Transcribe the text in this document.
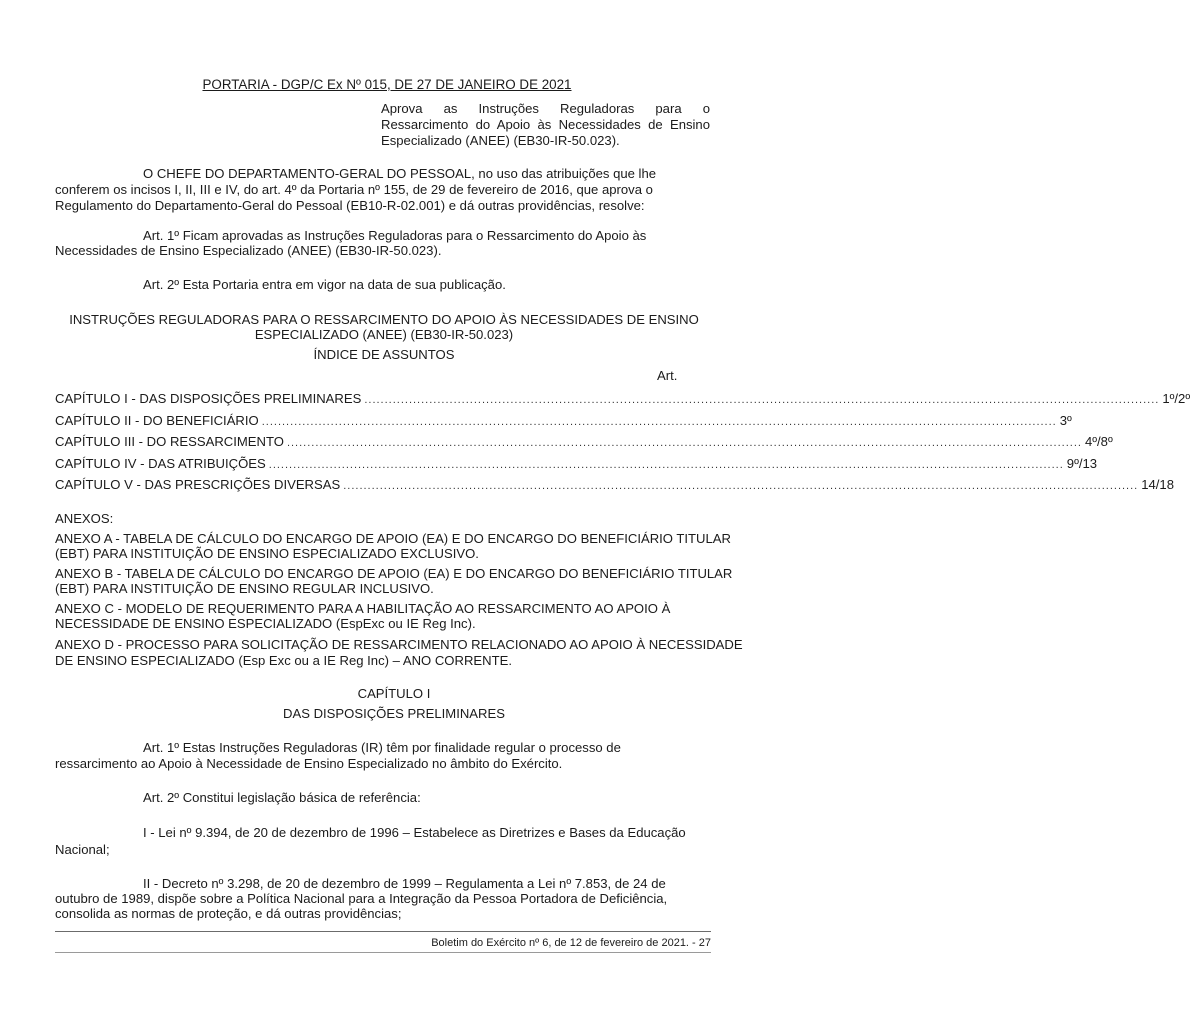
PORTARIA - DGP/C Ex Nº 015, DE 27 DE JANEIRO DE 2021
Aprova as Instruções Reguladoras para o Ressarcimento do Apoio às Necessidades de Ensino Especializado (ANEE) (EB30-IR-50.023).
O CHEFE DO DEPARTAMENTO-GERAL DO PESSOAL, no uso das atribuições que lhe
conferem os incisos I, II, III e IV, do art. 4º da Portaria nº 155, de 29 de fevereiro de 2016, que aprova o
Regulamento do Departamento-Geral do Pessoal (EB10-R-02.001) e dá outras providências, resolve:
Art. 1º Ficam aprovadas as Instruções Reguladoras para o Ressarcimento do Apoio às
Necessidades de Ensino Especializado (ANEE) (EB30-IR-50.023).
Art. 2º Esta Portaria entra em vigor na data de sua publicação.
INSTRUÇÕES REGULADORAS PARA O RESSARCIMENTO DO APOIO ÀS NECESSIDADES DE ENSINO
ESPECIALIZADO (ANEE) (EB30-IR-50.023)
ÍNDICE DE ASSUNTOS
Art.
CAPÍTULO I - DAS DISPOSIÇÕES PRELIMINARES .................................................................................................................................................................................................... 1º/2º
CAPÍTULO II - DO BENEFICIÁRIO .................................................................................................................................................................................................... 3º
CAPÍTULO III - DO RESSARCIMENTO .................................................................................................................................................................................................... 4º/8º
CAPÍTULO IV - DAS ATRIBUIÇÕES .................................................................................................................................................................................................... 9º/13
CAPÍTULO V - DAS PRESCRIÇÕES DIVERSAS .................................................................................................................................................................................................... 14/18
ANEXOS:
ANEXO A - TABELA DE CÁLCULO DO ENCARGO DE APOIO (EA) E DO ENCARGO DO BENEFICIÁRIO TITULAR
(EBT) PARA INSTITUIÇÃO DE ENSINO ESPECIALIZADO EXCLUSIVO.
ANEXO B - TABELA DE CÁLCULO DO ENCARGO DE APOIO (EA) E DO ENCARGO DO BENEFICIÁRIO TITULAR
(EBT) PARA INSTITUIÇÃO DE ENSINO REGULAR INCLUSIVO.
ANEXO C - MODELO DE REQUERIMENTO PARA A HABILITAÇÃO AO RESSARCIMENTO AO APOIO À
NECESSIDADE DE ENSINO ESPECIALIZADO (EspExc ou IE Reg Inc).
ANEXO D - PROCESSO PARA SOLICITAÇÃO DE RESSARCIMENTO RELACIONADO AO APOIO À NECESSIDADE
DE ENSINO ESPECIALIZADO (Esp Exc ou a IE Reg Inc) – ANO CORRENTE.
CAPÍTULO I
DAS DISPOSIÇÕES PRELIMINARES
Art. 1º Estas Instruções Reguladoras (IR) têm por finalidade regular o processo de
ressarcimento ao Apoio à Necessidade de Ensino Especializado no âmbito do Exército.
Art. 2º Constitui legislação básica de referência:
I - Lei nº 9.394, de 20 de dezembro de 1996 – Estabelece as Diretrizes e Bases da Educação
Nacional;
II - Decreto nº 3.298, de 20 de dezembro de 1999 – Regulamenta a Lei nº 7.853, de 24 de
outubro de 1989, dispõe sobre a Política Nacional para a Integração da Pessoa Portadora de Deficiência,
consolida as normas de proteção, e dá outras providências;
Boletim do Exército nº 6, de 12 de fevereiro de 2021. - 27
